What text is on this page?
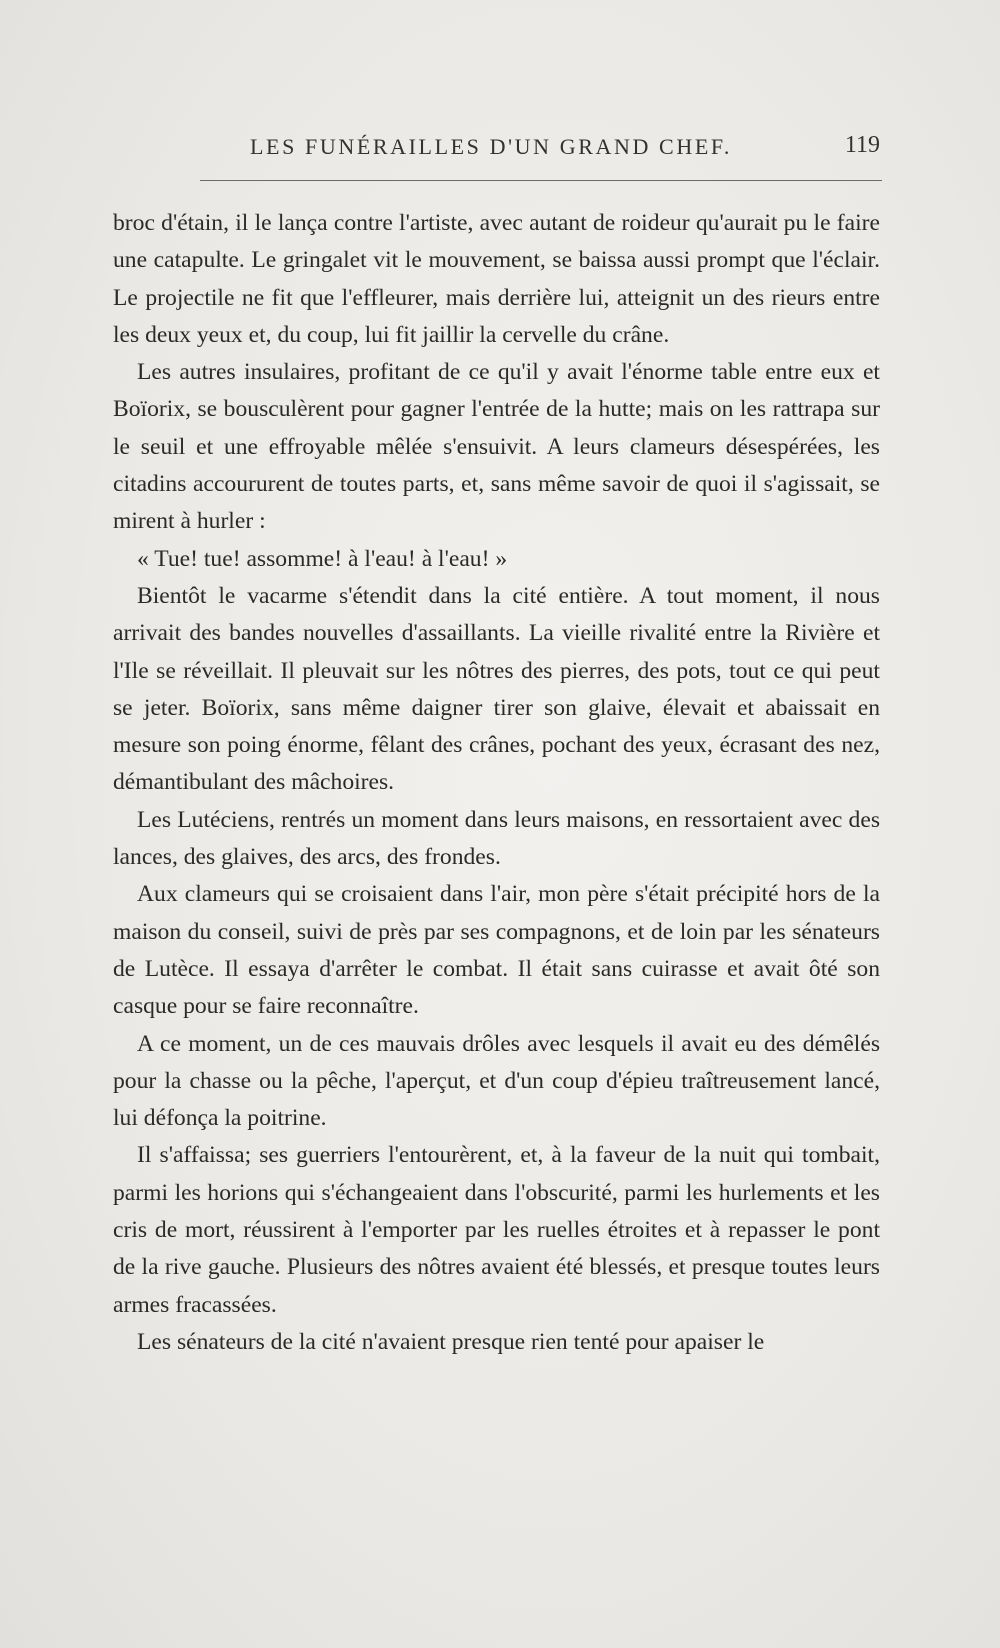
LES FUNÉRAILLES D'UN GRAND CHEF.	119

broc d'étain, il le lança contre l'artiste, avec autant de roideur qu'aurait pu le faire une catapulte. Le gringalet vit le mouvement, se baissa aussi prompt que l'éclair. Le projectile ne fit que l'effleurer, mais derrière lui, atteignit un des rieurs entre les deux yeux et, du coup, lui fit jaillir la cervelle du crâne.

Les autres insulaires, profitant de ce qu'il y avait l'énorme table entre eux et Boïorix, se bousculèrent pour gagner l'entrée de la hutte; mais on les rattrapa sur le seuil et une effroyable mêlée s'ensuivit. A leurs clameurs désespérées, les citadins accoururent de toutes parts, et, sans même savoir de quoi il s'agissait, se mirent à hurler :

« Tue! tue! assomme! à l'eau! à l'eau! »

Bientôt le vacarme s'étendit dans la cité entière. A tout moment, il nous arrivait des bandes nouvelles d'assaillants. La vieille rivalité entre la Rivière et l'Ile se réveillait. Il pleuvait sur les nôtres des pierres, des pots, tout ce qui peut se jeter. Boïorix, sans même daigner tirer son glaive, élevait et abaissait en mesure son poing énorme, fêlant des crânes, pochant des yeux, écrasant des nez, démantibulant des mâchoires.

Les Lutéciens, rentrés un moment dans leurs maisons, en ressortaient avec des lances, des glaives, des arcs, des frondes.

Aux clameurs qui se croisaient dans l'air, mon père s'était précipité hors de la maison du conseil, suivi de près par ses compagnons, et de loin par les sénateurs de Lutèce. Il essaya d'arrêter le combat. Il était sans cuirasse et avait ôté son casque pour se faire reconnaître.

A ce moment, un de ces mauvais drôles avec lesquels il avait eu des démêlés pour la chasse ou la pêche, l'aperçut, et d'un coup d'épieu traîtreusement lancé, lui défonça la poitrine.

Il s'affaissa; ses guerriers l'entourèrent, et, à la faveur de la nuit qui tombait, parmi les horions qui s'échangeaient dans l'obscurité, parmi les hurlements et les cris de mort, réussirent à l'emporter par les ruelles étroites et à repasser le pont de la rive gauche. Plusieurs des nôtres avaient été blessés, et presque toutes leurs armes fracassées.

Les sénateurs de la cité n'avaient presque rien tenté pour apaiser le
